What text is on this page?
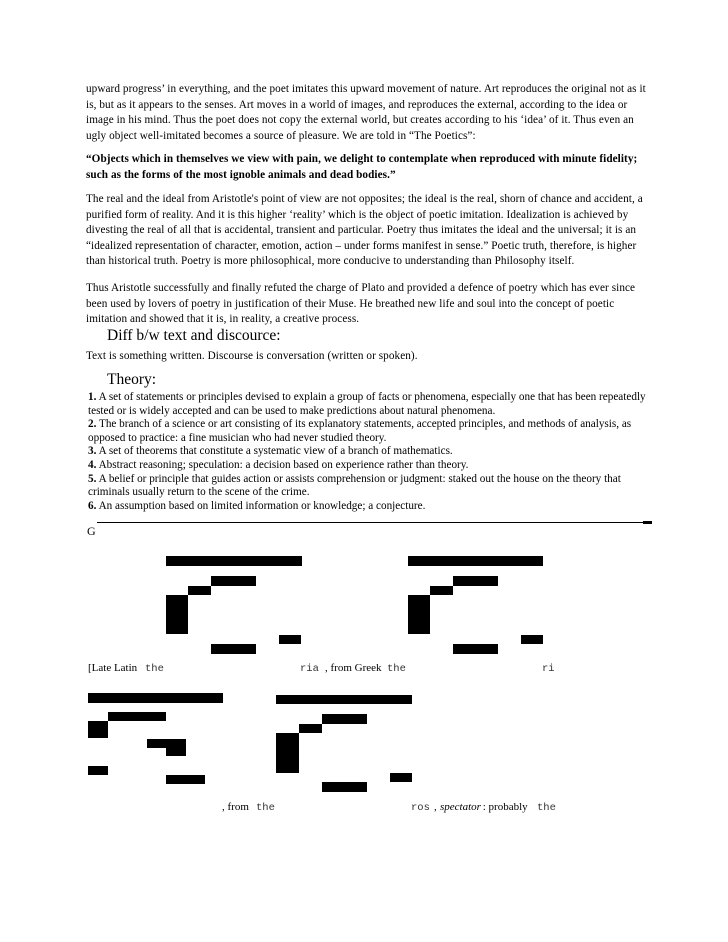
upward progress’ in everything, and the poet imitates this upward movement of nature. Art reproduces the original not as it is, but as it appears to the senses. Art moves in a world of images, and reproduces the external, according to the idea or image in his mind. Thus the poet does not copy the external world, but creates according to his ‘idea’ of it. Thus even an ugly object well-imitated becomes a source of pleasure. We are told in “The Poetics”:

“Objects which in themselves we view with pain, we delight to contemplate when reproduced with minute fidelity; such as the forms of the most ignoble animals and dead bodies.”

The real and the ideal from Aristotle's point of view are not opposites; the ideal is the real, shorn of chance and accident, a purified form of reality. And it is this higher ‘reality’ which is the object of poetic imitation. Idealization is achieved by divesting the real of all that is accidental, transient and particular. Poetry thus imitates the ideal and the universal; it is an “idealized representation of character, emotion, action – under forms manifest in sense.” Poetic truth, therefore, is higher than historical truth. Poetry is more philosophical, more conducive to understanding than Philosophy itself.

Thus Aristotle successfully and finally refuted the charge of Plato and provided a defence of poetry which has ever since been used by lovers of poetry in justification of their Muse. He breathed new life and soul into the concept of poetic imitation and showed that it is, in reality, a creative process.

Diff b/w text and discource:

Text is something written. Discourse is conversation (written or spoken).

Theory:
1. A set of statements or principles devised to explain a group of facts or phenomena, especially one that has been repeatedly tested or is widely accepted and can be used to make predictions about natural phenomena.
2. The branch of a science or art consisting of its explanatory statements, accepted principles, and methods of analysis, as opposed to practice: a fine musician who had never studied theory.
3. A set of theorems that constitute a systematic view of a branch of mathematics.
4. Abstract reasoning; speculation: a decision based on experience rather than theory.
5. A belief or principle that guides action or assists comprehension or judgment: staked out the house on the theory that criminals usually return to the scene of the crime.
6. An assumption based on limited information or knowledge; a conjecture.
G
[Late Latin the	ria , from Greek the	ri
, from the	ros , spectator : probably the
